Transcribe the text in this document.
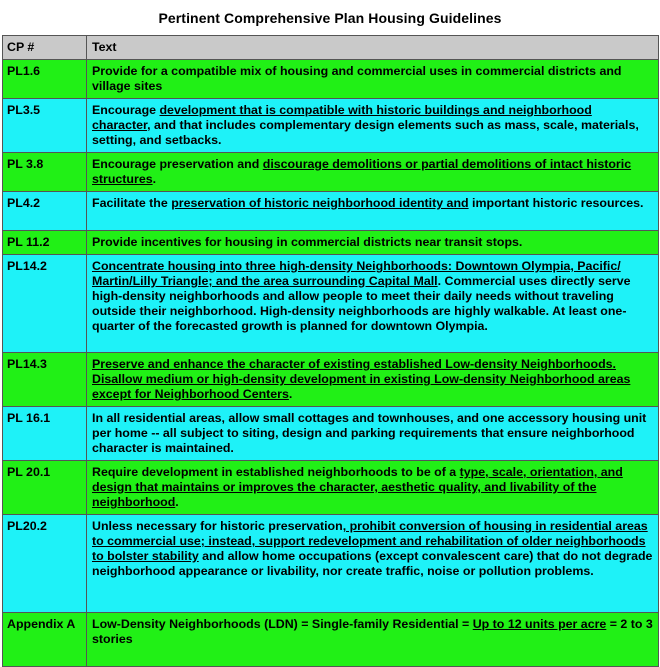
Pertinent Comprehensive Plan Housing Guidelines
CP #	Text
PL1.6	Provide for a compatible mix of housing and commercial uses in commercial districts and village sites
PL3.5	Encourage development that is compatible with historic buildings and neighborhood character, and that includes complementary design elements such as mass, scale, materials, setting, and setbacks.
PL 3.8	Encourage preservation and discourage demolitions or partial demolitions of intact historic structures.
PL4.2	Facilitate the preservation of historic neighborhood identity and important historic resources.
PL 11.2	Provide incentives for housing in commercial districts near transit stops.
PL14.2	Concentrate housing into three high-density Neighborhoods: Downtown Olympia, Pacific/ Martin/Lilly Triangle; and the area surrounding Capital Mall. Commercial uses directly serve high-density neighborhoods and allow people to meet their daily needs without traveling outside their neighborhood. High-density neighborhoods are highly walkable. At least one-quarter of the forecasted growth is planned for downtown Olympia.
PL14.3	Preserve and enhance the character of existing established Low-density Neighborhoods. Disallow medium or high-density development in existing Low-density Neighborhood areas except for Neighborhood Centers.
PL 16.1	In all residential areas, allow small cottages and townhouses, and one accessory housing unit per home -- all subject to siting, design and parking requirements that ensure neighborhood character is maintained.
PL 20.1	Require development in established neighborhoods to be of a type, scale, orientation, and design that maintains or improves the character, aesthetic quality, and livability of the neighborhood.
PL20.2	Unless necessary for historic preservation, prohibit conversion of housing in residential areas to commercial use; instead, support redevelopment and rehabilitation of older neighborhoods to bolster stability and allow home occupations (except convalescent care) that do not degrade neighborhood appearance or livability, nor create traffic, noise or pollution problems.
Appendix A	Low-Density Neighborhoods (LDN) = Single-family Residential = Up to 12 units per acre = 2 to 3 stories
